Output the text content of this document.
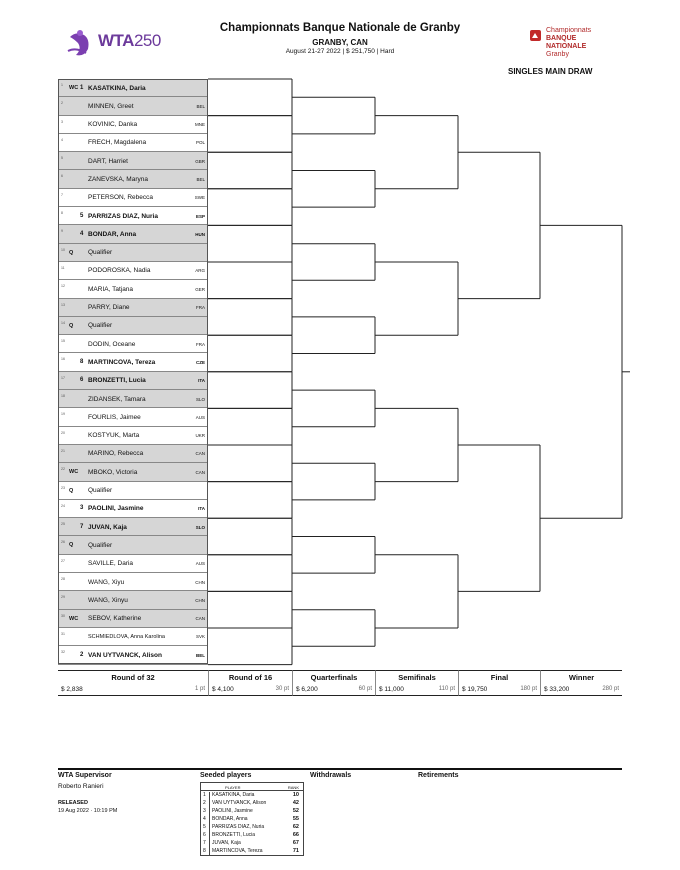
WTA250
Championnats Banque Nationale de Granby
GRANBY, CAN
August 21-27 2022 | $ 251,750 | Hard
Championnats
BANQUE
NATIONALE
Granby
SINGLES MAIN DRAW
1 WC 1 KASATKINA, Daria
2	MINNEN, Greet	BEL
3	KOVINIC, Danka	MNE
4	FRECH, Magdalena	POL
5	DART, Harriet	GBR
6	ZANEVSKA, Maryna	BEL
7	PETERSON, Rebecca	SWE
8	5 PARRIZAS DIAZ, Nuria	ESP
9	4 BONDAR, Anna	HUN
10 Q Qualifier
11	PODOROSKA, Nadia	ARG
12	MARIA, Tatjana	GER
13	PARRY, Diane	FRA
14 Q Qualifier
15	DODIN, Oceane	FRA
16	8 MARTINCOVA, Tereza	CZE
17	6 BRONZETTI, Lucia	ITA
18	ZIDANSEK, Tamara	SLO
19	FOURLIS, Jaimee	AUS
20	KOSTYUK, Marta	UKR
21	MARINO, Rebecca	CAN
22 WC MBOKO, Victoria	CAN
23 Q Qualifier
24	3 PAOLINI, Jasmine	ITA
25	7 JUVAN, Kaja	SLO
26 Q Qualifier
27	SAVILLE, Daria	AUS
28	WANG, Xiyu	CHN
29	WANG, Xinyu	CHN
30 WC SEBOV, Katherine	CAN
31	SCHMIEDLOVA, Anna Karolina	SVK
32	2 VAN UYTVANCK, Alison	BEL
Round of 32
$ 2,838	1 pt
Round of 16
$ 4,100	30 pt
Quarterfinals
$ 6,200	60 pt
Semifinals
$ 11,000	110 pt
Final
$ 19,750	180 pt
Winner
$ 33,200	280 pt
WTA Supervisor	Seeded players	Withdrawals	Retirements
Roberto Ranieri
RELEASED
19 Aug 2022 · 10:19 PM
PLAYER	RANK
1	KASATKINA, Daria	10
2	VAN UYTVANCK, Alison	42
3	PAOLINI, Jasmine	52
4	BONDAR, Anna	55
5	PARRIZAS DIAZ, Nuria	62
6	BRONZETTI, Lucia	66
7	JUVAN, Kaja	67
8	MARTINCOVA, Tereza	71
